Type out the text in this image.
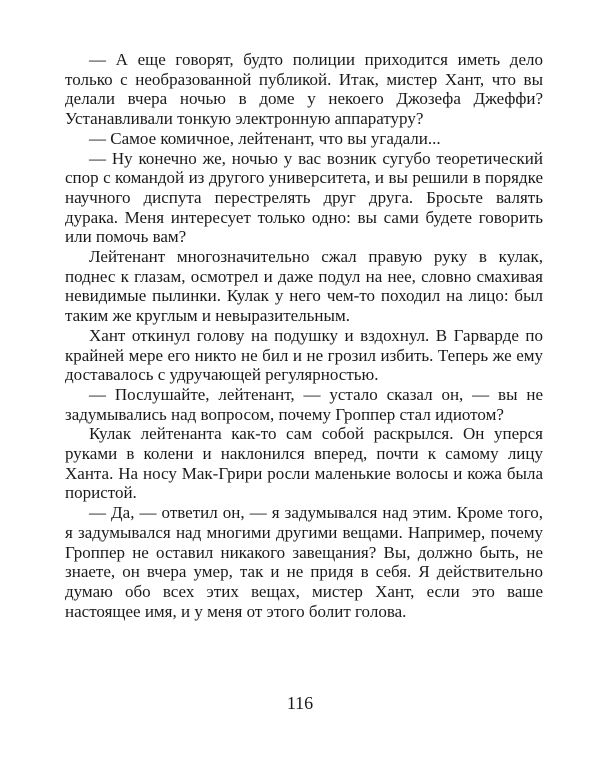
— А еще говорят, будто полиции приходится иметь дело только с необразованной публикой. Итак, мистер Хант, что вы делали вчера ночью в доме у некоего Джозефа Джеффи? Устанавливали тонкую электронную аппаратуру?

— Самое комичное, лейтенант, что вы угадали...

— Ну конечно же, ночью у вас возник сугубо теоретический спор с командой из другого университета, и вы решили в порядке научного диспута перестрелять друг друга. Бросьте валять дурака. Меня интересует только одно: вы сами будете говорить или помочь вам?

Лейтенант многозначительно сжал правую руку в кулак, поднес к глазам, осмотрел и даже подул на нее, словно смахивая невидимые пылинки. Кулак у него чем-то походил на лицо: был таким же круглым и невыразительным.

Хант откинул голову на подушку и вздохнул. В Гарварде по крайней мере его никто не бил и не грозил избить. Теперь же ему доставалось с удручающей регулярностью.

— Послушайте, лейтенант, — устало сказал он, — вы не задумывались над вопросом, почему Гроппер стал идиотом?

Кулак лейтенанта как-то сам собой раскрылся. Он уперся руками в колени и наклонился вперед, почти к самому лицу Ханта. На носу Мак-Грири росли маленькие волосы и кожа была пористой.

— Да, — ответил он, — я задумывался над этим. Кроме того, я задумывался над многими другими вещами. Например, почему Гроппер не оставил никакого завещания? Вы, должно быть, не знаете, он вчера умер, так и не придя в себя. Я действительно думаю обо всех этих вещах, мистер Хант, если это ваше настоящее имя, и у меня от этого болит голова.

116
